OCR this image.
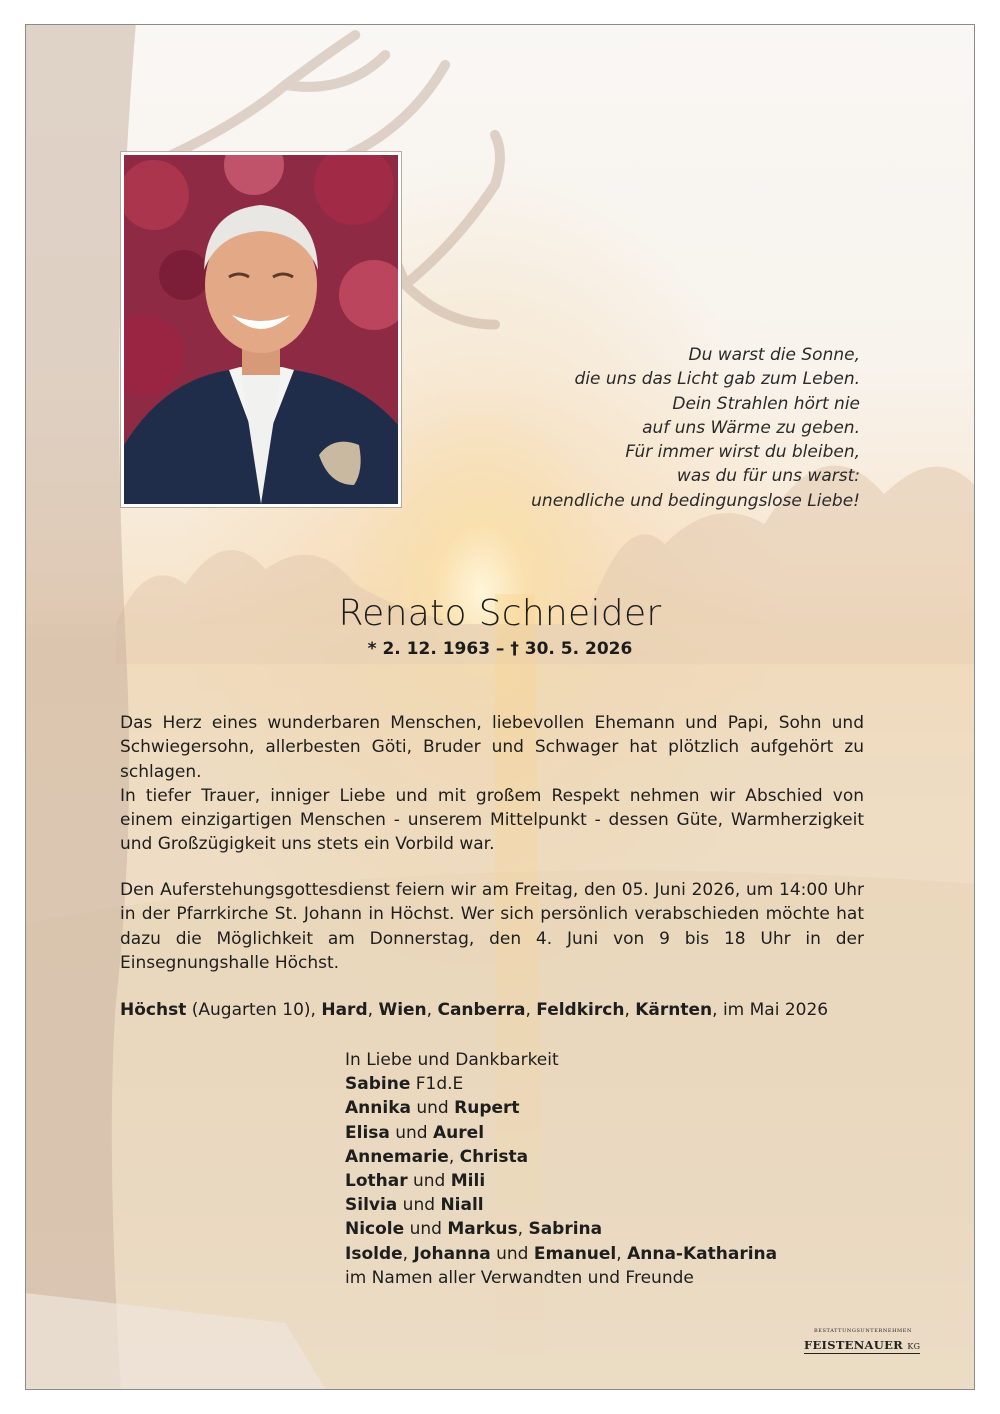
Du warst die Sonne,
die uns das Licht gab zum Leben.
Dein Strahlen hört nie
auf uns Wärme zu geben.
Für immer wirst du bleiben,
was du für uns warst:
unendliche und bedingungslose Liebe!
Renato Schneider
* 2. 12. 1963 – † 30. 5. 2026
Das Herz eines wunderbaren Menschen, liebevollen Ehemann und Papi, Sohn und Schwiegersohn, allerbesten Göti, Bruder und Schwager hat plötzlich aufgehört zu schlagen.
In tiefer Trauer, inniger Liebe und mit großem Respekt nehmen wir Abschied von einem einzigartigen Menschen - unserem Mittelpunkt - dessen Güte, Warmherzigkeit und Großzügigkeit uns stets ein Vorbild war.
Den Auferstehungsgottesdienst feiern wir am Freitag, den 05. Juni 2026, um 14:00 Uhr in der Pfarrkirche St. Johann in Höchst. Wer sich persönlich verabschieden möchte hat dazu die Möglichkeit am Donnerstag, den 4. Juni von 9 bis 18 Uhr in der Einsegnungshalle Höchst.
Höchst (Augarten 10), Hard, Wien, Canberra, Feldkirch, Kärnten, im Mai 2026
In Liebe und Dankbarkeit
Sabine F1d.E
Annika und Rupert
Elisa und Aurel
Annemarie, Christa
Lothar und Mili
Silvia und Niall
Nicole und Markus, Sabrina
Isolde, Johanna und Emanuel, Anna-Katharina
im Namen aller Verwandten und Freunde
BESTATTUNGSUNTERNEHMEN
FEISTENAUER KG
